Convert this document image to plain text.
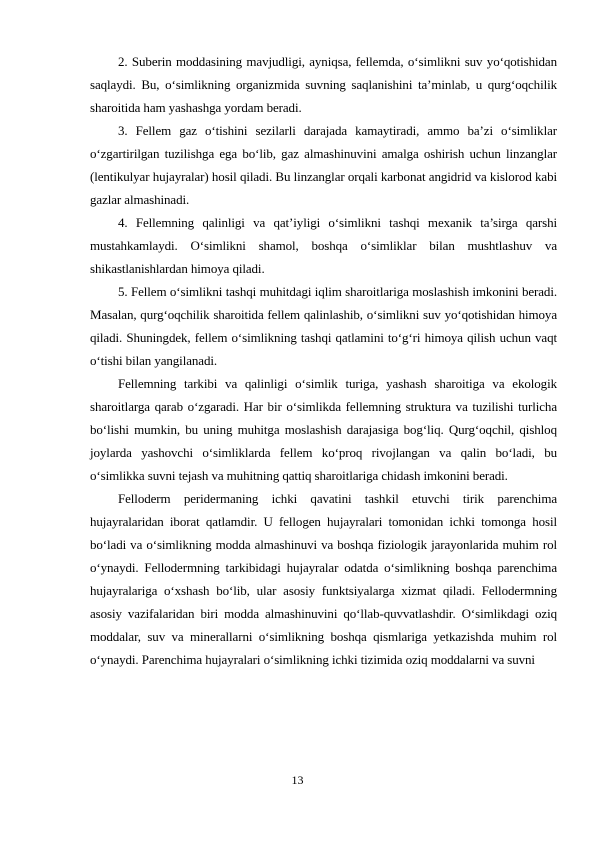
2. Suberin moddasining mavjudligi, ayniqsa, fellemda, o‘simlikni suv yo‘qotishidan saqlaydi. Bu, o‘simlikning organizmida suvning saqlanishini ta’minlab, u qurg‘oqchilik sharoitida ham yashashga yordam beradi.

3. Fellem gaz o‘tishini sezilarli darajada kamaytiradi, ammo ba’zi o‘simliklar o‘zgartirilgan tuzilishga ega bo‘lib, gaz almashinuvini amalga oshirish uchun linzanglar (lentikulyar hujayralar) hosil qiladi. Bu linzanglar orqali karbonat angidrid va kislorod kabi gazlar almashinadi.

4. Fellemning qalinligi va qat’iyligi o‘simlikni tashqi mexanik ta’sirga qarshi mustahkamlaydi. O‘simlikni shamol, boshqa o‘simliklar bilan mushtlashuv va shikastlanishlardan himoya qiladi.

5. Fellem o‘simlikni tashqi muhitdagi iqlim sharoitlariga moslashish imkonini beradi. Masalan, qurg‘oqchilik sharoitida fellem qalinlashib, o‘simlikni suv yo‘qotishidan himoya qiladi. Shuningdek, fellem o‘simlikning tashqi qatlamini to‘g‘ri himoya qilish uchun vaqt o‘tishi bilan yangilanadi.

Fellemning tarkibi va qalinligi o‘simlik turiga, yashash sharoitiga va ekologik sharoitlarga qarab o‘zgaradi. Har bir o‘simlikda fellemning struktura va tuzilishi turlicha bo‘lishi mumkin, bu uning muhitga moslashish darajasiga bog‘liq. Qurg‘oqchil, qishloq joylarda yashovchi o‘simliklarda fellem ko‘proq rivojlangan va qalin bo‘ladi, bu o‘simlikka suvni tejash va muhitning qattiq sharoitlariga chidash imkonini beradi.

Felloderm peridermaning ichki qavatini tashkil etuvchi tirik parenchima hujayralaridan iborat qatlamdir. U fellogen hujayralari tomonidan ichki tomonga hosil bo‘ladi va o‘simlikning modda almashinuvi va boshqa fiziologik jarayonlarida muhim rol o‘ynaydi. Fellodermning tarkibidagi hujayralar odatda o‘simlikning boshqa parenchima hujayralariga o‘xshash bo‘lib, ular asosiy funktsiyalarga xizmat qiladi. Fellodermning asosiy vazifalaridan biri modda almashinuvini qo‘llab-quvvatlashdir. O‘simlikdagi oziq moddalar, suv va minerallarni o‘simlikning boshqa qismlariga yetkazishda muhim rol o‘ynaydi. Parenchima hujayralari o‘simlikning ichki tizimida oziq moddalarni va suvni

13
